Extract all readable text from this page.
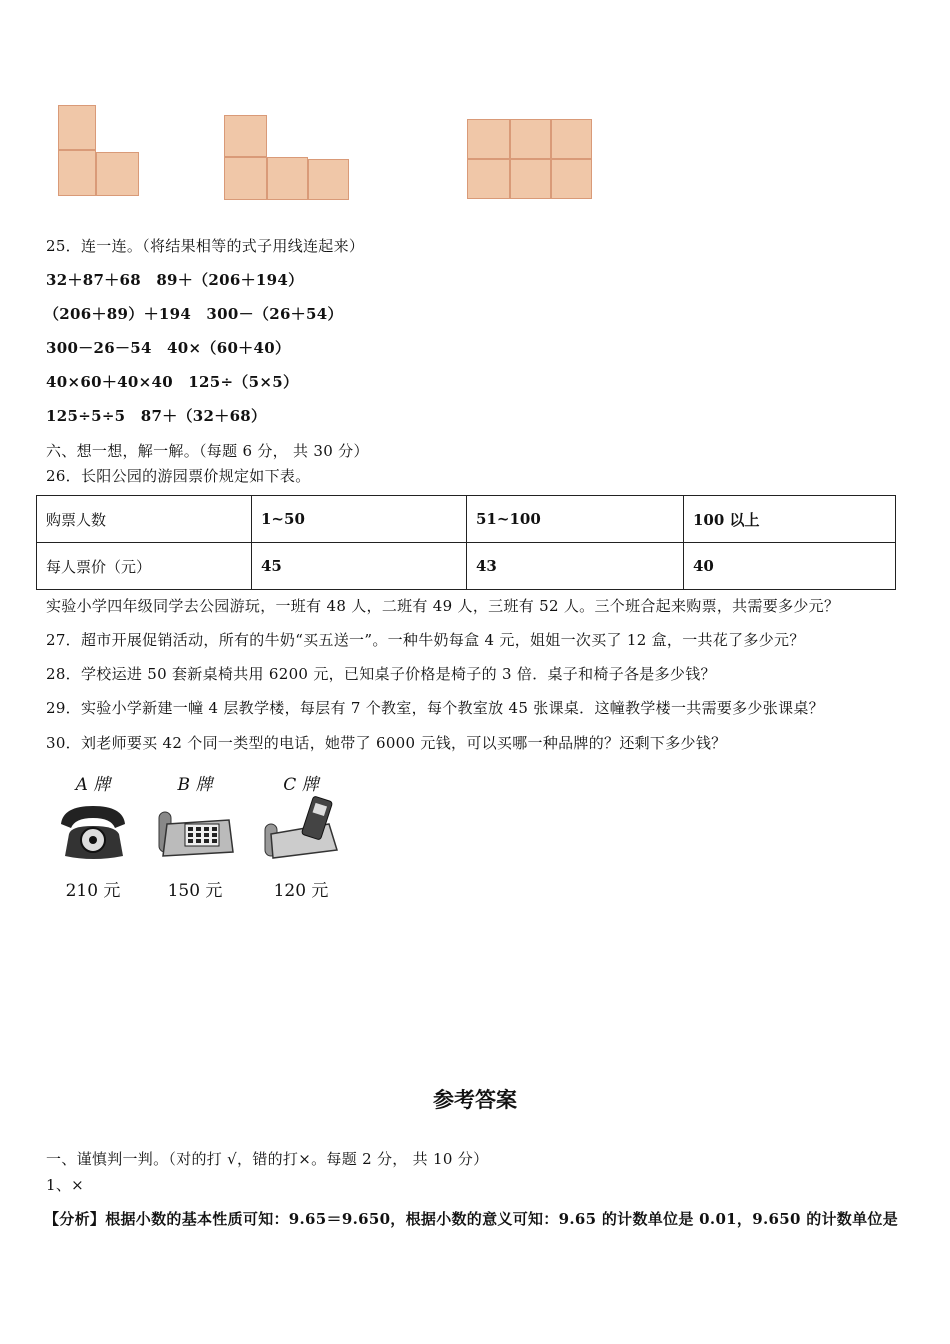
25．连一连。（将结果相等的式子用线连起来）
32＋87＋68　89＋（206＋194）
（206＋89）＋194　300－（26＋54）
300－26－54　40×（60＋40）
40×60＋40×40　125÷（5×5）
125÷5÷5　87＋（32＋68）
六、想一想，解一解。（每题 6 分， 共 30 分）
26．长阳公园的游园票价规定如下表。
购票人数	1~50	51~100	100 以上
每人票价（元）	45	43	40
实验小学四年级同学去公园游玩，一班有 48 人，二班有 49 人，三班有 52 人。三个班合起来购票，共需要多少元？
27．超市开展促销活动，所有的牛奶“买五送一”。一种牛奶每盒 4 元，姐姐一次买了 12 盒，一共花了多少元？
28．学校运进 50 套新桌椅共用 6200 元，已知桌子价格是椅子的 3 倍．桌子和椅子各是多少钱？
29．实验小学新建一幢 4 层教学楼，每层有 7 个教室，每个教室放 45 张课桌．这幢教学楼一共需要多少张课桌？
30．刘老师要买 42 个同一类型的电话，她带了 6000 元钱，可以买哪一种品牌的？还剩下多少钱？
A 牌
210 元
B 牌
150 元
C 牌
120 元
参考答案
一、谨慎判一判。（对的打 √，错的打×。每题 2 分， 共 10 分）
1、×
【分析】根据小数的基本性质可知：9.65＝9.650，根据小数的意义可知：9.65 的计数单位是 0.01，9.650 的计数单位是
